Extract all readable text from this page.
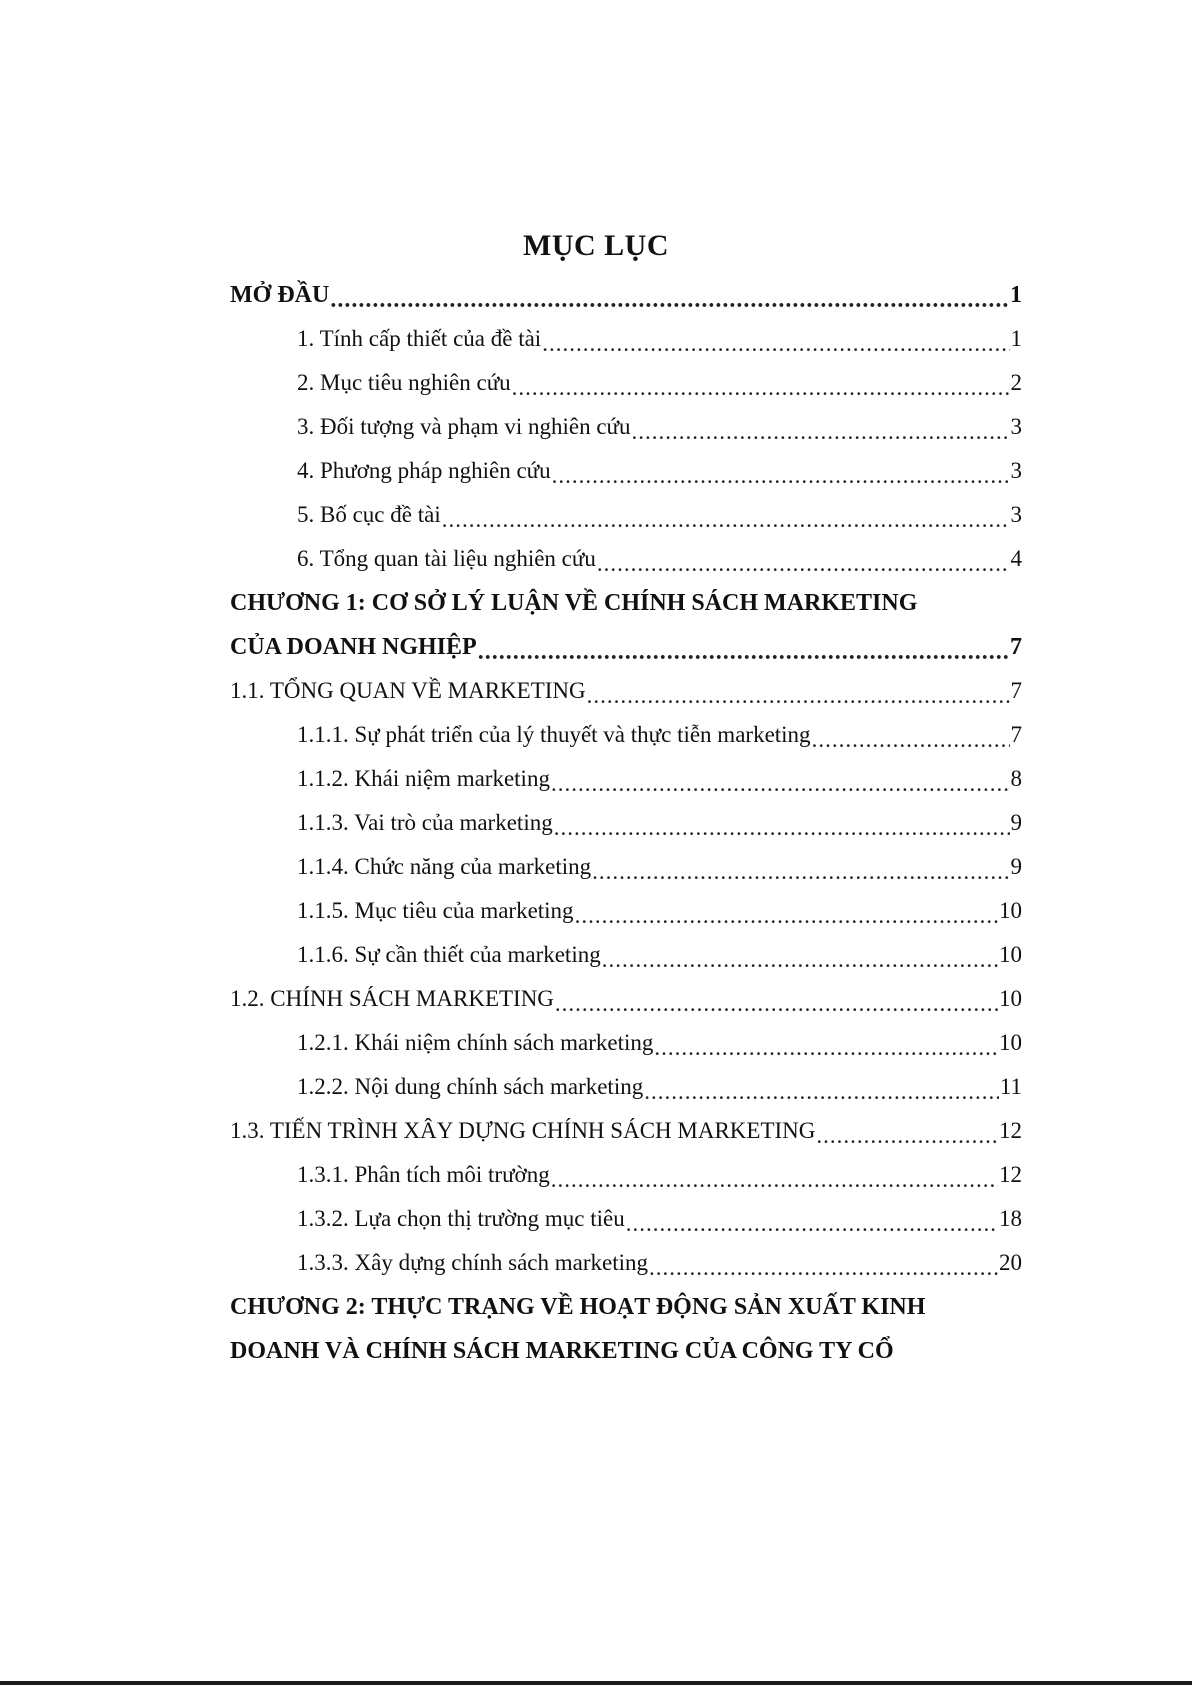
MỤC LỤC
MỞ ĐẦU .....	1
1. Tính cấp thiết của đề tài .....	1
2. Mục tiêu nghiên cứu .....	2
3. Đối tượng và phạm vi nghiên cứu .....	3
4. Phương pháp nghiên cứu .....	3
5. Bố cục đề tài .....	3
6. Tổng quan tài liệu nghiên cứu .....	4
CHƯƠNG 1: CƠ SỞ LÝ LUẬN VỀ CHÍNH SÁCH MARKETING
CỦA DOANH NGHIỆP .....	7
1.1. TỔNG QUAN VỀ MARKETING .....	7
1.1.1. Sự phát triển của lý thuyết và thực tiễn marketing .....	7
1.1.2. Khái niệm marketing .....	8
1.1.3. Vai trò của marketing .....	9
1.1.4. Chức năng của marketing .....	9
1.1.5. Mục tiêu của marketing .....	10
1.1.6. Sự cần thiết của marketing .....	10
1.2. CHÍNH SÁCH MARKETING .....	10
1.2.1. Khái niệm chính sách marketing .....	10
1.2.2. Nội dung chính sách marketing .....	11
1.3. TIẾN TRÌNH XÂY DỰNG CHÍNH SÁCH MARKETING .....	12
1.3.1. Phân tích môi trường .....	12
1.3.2. Lựa chọn thị trường mục tiêu .....	18
1.3.3. Xây dựng chính sách marketing .....	20
CHƯƠNG 2: THỰC TRẠNG VỀ HOẠT ĐỘNG SẢN XUẤT KINH
DOANH VÀ CHÍNH SÁCH MARKETING CỦA CÔNG TY CỔ
